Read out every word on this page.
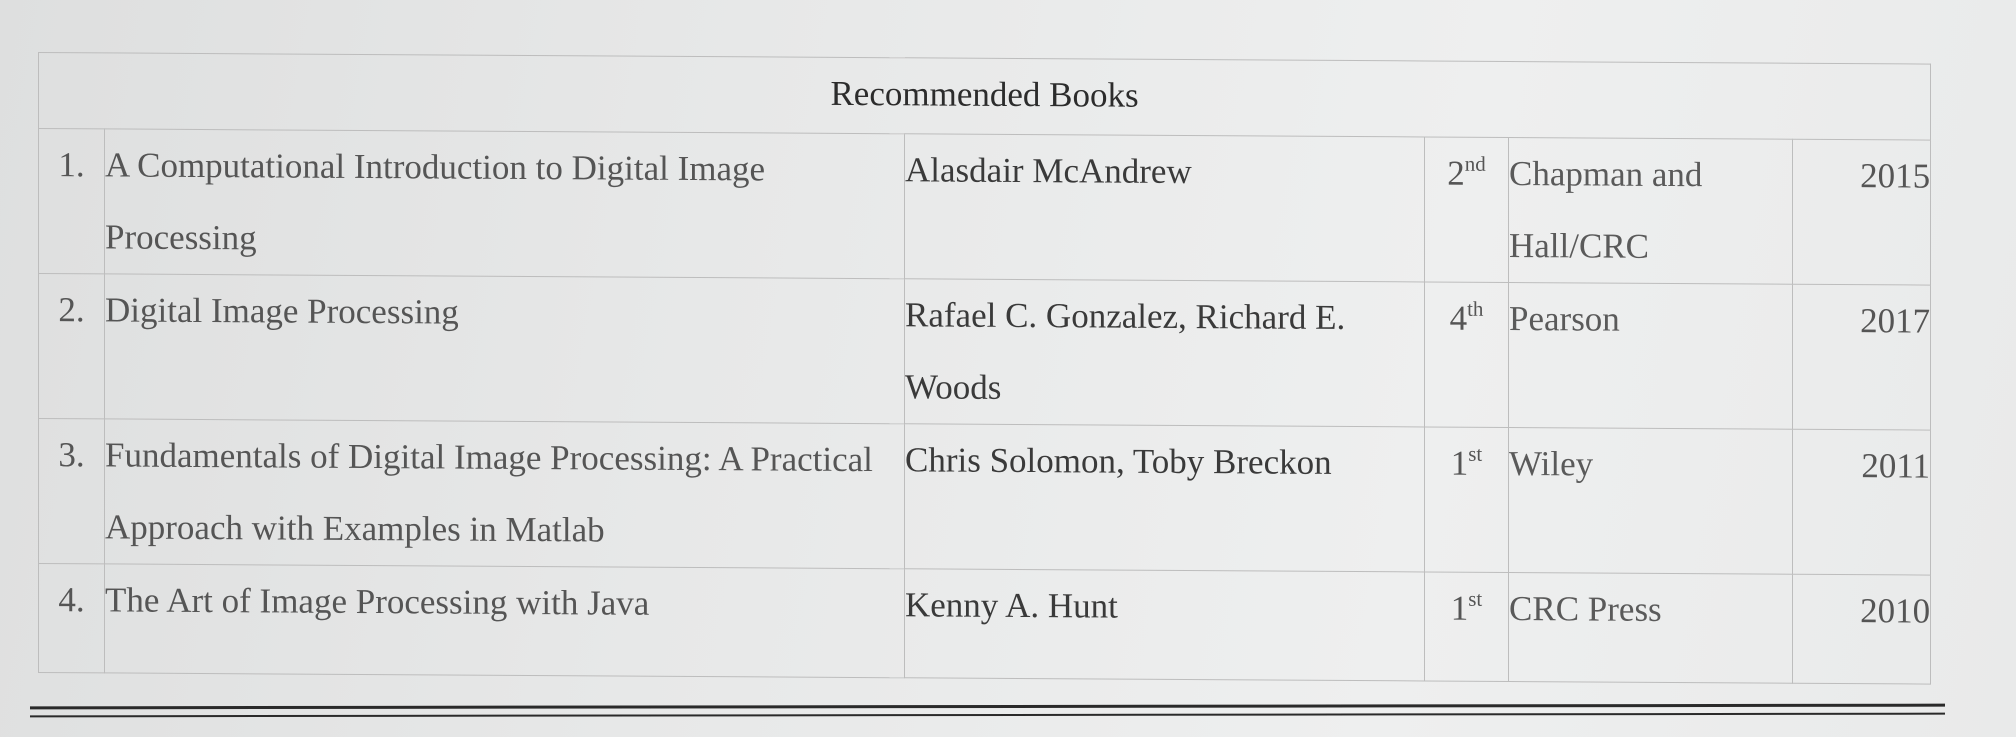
Recommended Books					
1.	A Computational Introduction to Digital Image Processing	Alasdair McAndrew	2nd	Chapman and Hall/CRC	2015
2.	Digital Image Processing	Rafael C. Gonzalez, Richard E. Woods	4th	Pearson	2017
3.	Fundamentals of Digital Image Processing: A Practical Approach with Examples in Matlab	Chris Solomon, Toby Breckon	1st	Wiley	2011
4.	The Art of Image Processing with Java	Kenny A. Hunt	1st	CRC Press	2010
